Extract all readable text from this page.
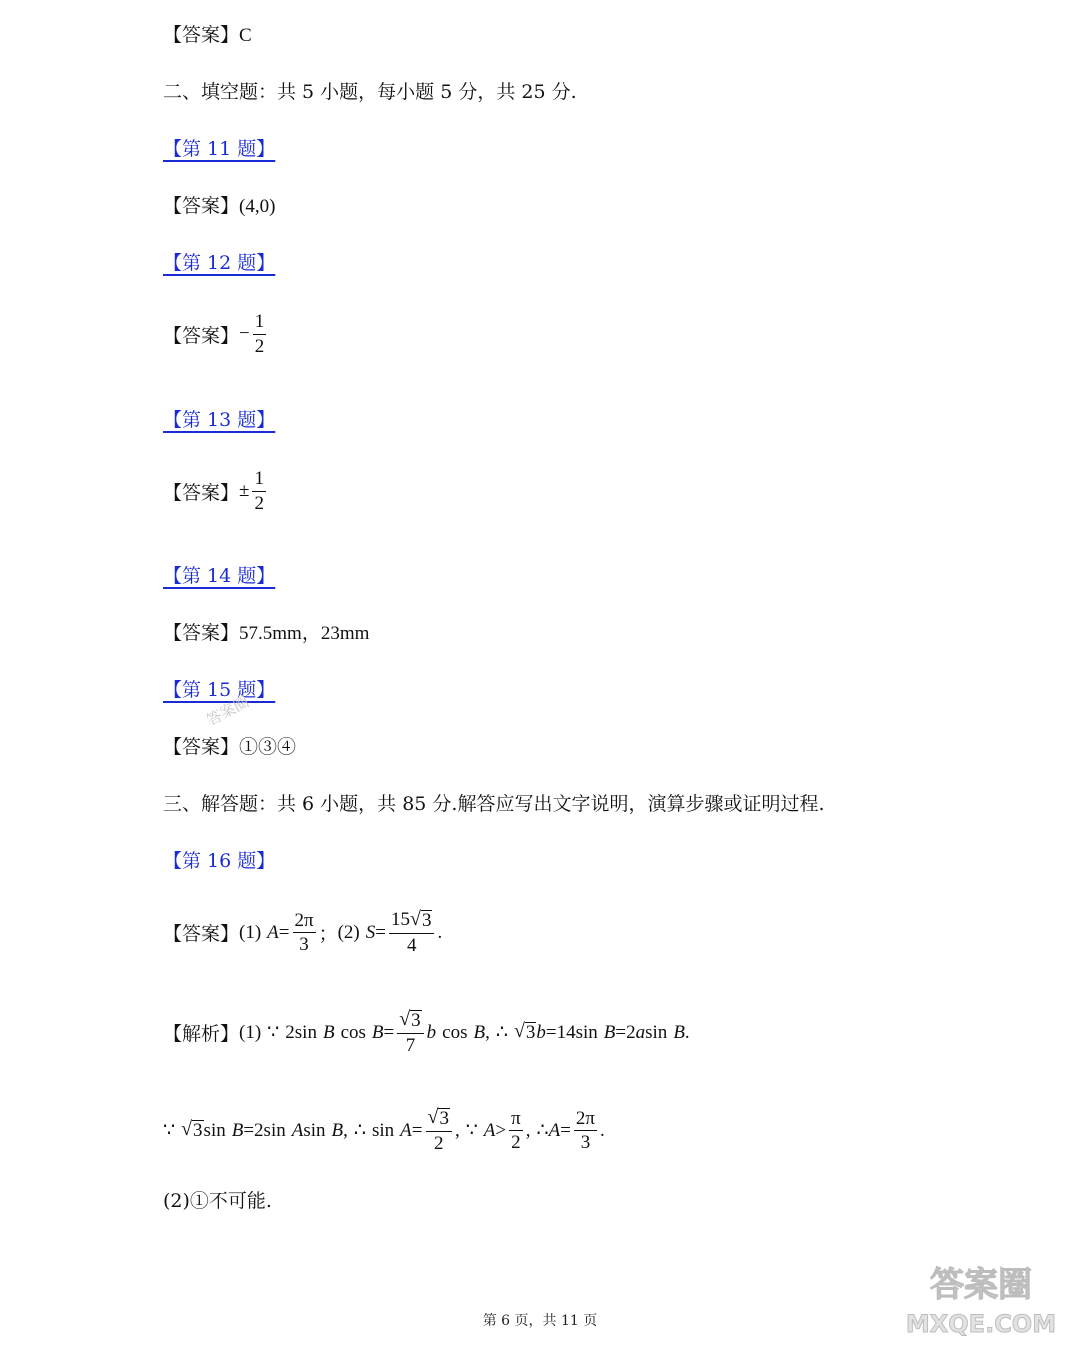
【答案】C
二、填空题：共 5 小题，每小题 5 分，共 25 分.
【第 11 题】
【答案】(4,0)
【第 12 题】
【答案】 − $\frac{1}{2}$
【第 13 题】
【答案】 ± $\frac{1}{2}$
【第 14 题】
【答案】57.5mm，23mm
【第 15 题】
【答案】①③④
答案圈
三、解答题：共 6 小题，共 85 分.解答应写出文字说明，演算步骤或证明过程.
【第 16 题】
【答案】 (1) $A = \frac{2\pi}{3}$ ； (2) $S = \frac{15 √ 3}{4}$ .
【解析】 (1) ∵ 2sin B $\cos B = \frac{√ 3}{7}$ b cos B , ∴ √ 3 b =14sin B =2 a sin B .
∵ √ 3 sin B =2sin A sin B , ∴ $\sin A = \frac{√ 3}{2}$ , ∵ $A > \frac{\pi}{2}$ , ∴ $A = \frac{2\pi}{3}$ .
(2)①不可能.
第 6 页，共 11 页
答案圈
MXQE.COM
